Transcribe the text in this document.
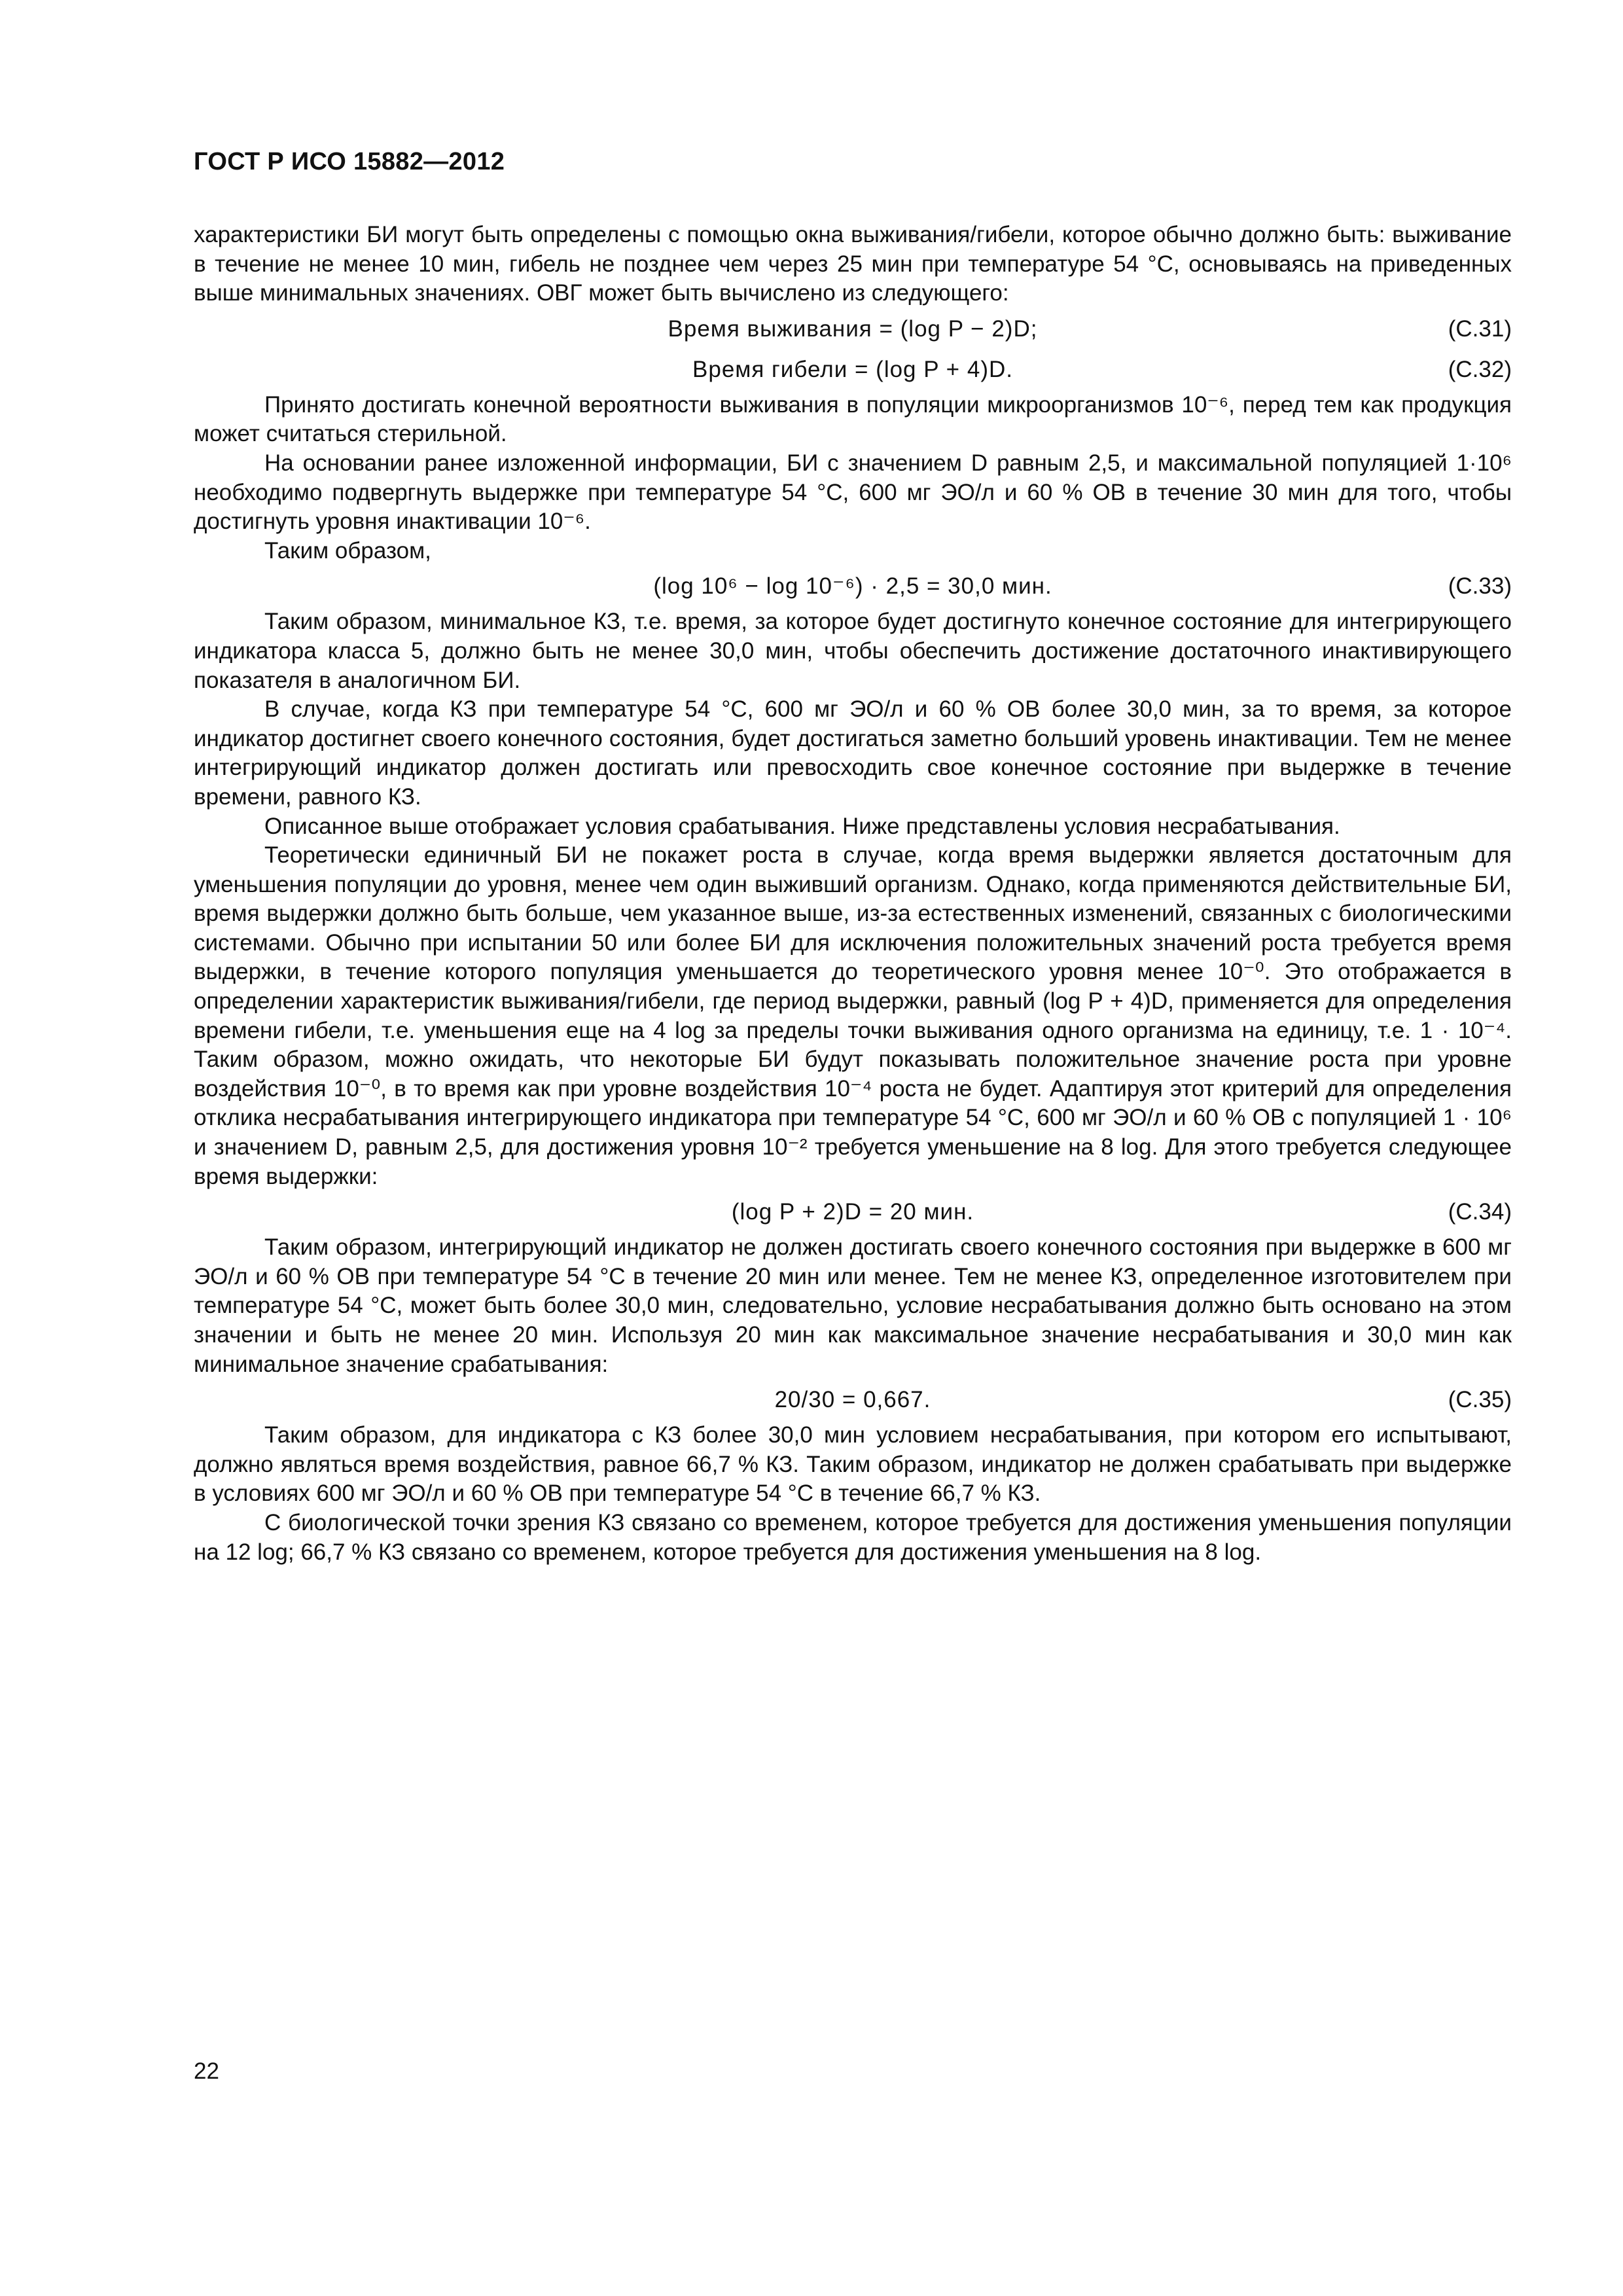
ГОСТ Р ИСО 15882—2012

характеристики БИ могут быть определены с помощью окна выживания/гибели, которое обычно должно быть: выживание в течение не менее 10 мин, гибель не позднее чем через 25 мин при температуре 54 °С, основываясь на приведенных выше минимальных значениях. ОВГ может быть вычислено из следующего:

Время выживания = (log P − 2)D;	(С.31)
Время гибели = (log P + 4)D.	(С.32)

Принято достигать конечной вероятности выживания в популяции микроорганизмов 10⁻⁶, перед тем как продукция может считаться стерильной.

На основании ранее изложенной информации, БИ с значением D равным 2,5, и максимальной популяцией 1·10⁶ необходимо подвергнуть выдержке при температуре 54 °С, 600 мг ЭО/л и 60 % ОВ в течение 30 мин для того, чтобы достигнуть уровня инактивации 10⁻⁶.

Таким образом,

(log 10⁶ − log 10⁻⁶) · 2,5 = 30,0 мин.	(С.33)

Таким образом, минимальное КЗ, т.е. время, за которое будет достигнуто конечное состояние для интегрирующего индикатора класса 5, должно быть не менее 30,0 мин, чтобы обеспечить достижение достаточного инактивирующего показателя в аналогичном БИ.

В случае, когда КЗ при температуре 54 °С, 600 мг ЭО/л и 60 % ОВ более 30,0 мин, за то время, за которое индикатор достигнет своего конечного состояния, будет достигаться заметно больший уровень инактивации. Тем не менее интегрирующий индикатор должен достигать или превосходить свое конечное состояние при выдержке в течение времени, равного КЗ.

Описанное выше отображает условия срабатывания. Ниже представлены условия несрабатывания.

Теоретически единичный БИ не покажет роста в случае, когда время выдержки является достаточным для уменьшения популяции до уровня, менее чем один выживший организм. Однако, когда применяются действительные БИ, время выдержки должно быть больше, чем указанное выше, из-за естественных изменений, связанных с биологическими системами. Обычно при испытании 50 или более БИ для исключения положительных значений роста требуется время выдержки, в течение которого популяция уменьшается до теоретического уровня менее 10⁻⁰. Это отображается в определении характеристик выживания/гибели, где период выдержки, равный (log P + 4)D, применяется для определения времени гибели, т.е. уменьшения еще на 4 log за пределы точки выживания одного организма на единицу, т.е. 1 · 10⁻⁴. Таким образом, можно ожидать, что некоторые БИ будут показывать положительное значение роста при уровне воздействия 10⁻⁰, в то время как при уровне воздействия 10⁻⁴ роста не будет. Адаптируя этот критерий для определения отклика несрабатывания интегрирующего индикатора при температуре 54 °С, 600 мг ЭО/л и 60 % ОВ с популяцией 1 · 10⁶ и значением D, равным 2,5, для достижения уровня 10⁻² требуется уменьшение на 8 log. Для этого требуется следующее время выдержки:

(log P + 2)D = 20 мин.	(С.34)

Таким образом, интегрирующий индикатор не должен достигать своего конечного состояния при выдержке в 600 мг ЭО/л и 60 % ОВ при температуре 54 °С в течение 20 мин или менее. Тем не менее КЗ, определенное изготовителем при температуре 54 °С, может быть более 30,0 мин, следовательно, условие несрабатывания должно быть основано на этом значении и быть не менее 20 мин. Используя 20 мин как максимальное значение несрабатывания и 30,0 мин как минимальное значение срабатывания:

20/30 = 0,667.	(С.35)

Таким образом, для индикатора с КЗ более 30,0 мин условием несрабатывания, при котором его испытывают, должно являться время воздействия, равное 66,7 % КЗ. Таким образом, индикатор не должен срабатывать при выдержке в условиях 600 мг ЭО/л и 60 % ОВ при температуре 54 °С в течение 66,7 % КЗ.

С биологической точки зрения КЗ связано со временем, которое требуется для достижения уменьшения популяции на 12 log; 66,7 % КЗ связано со временем, которое требуется для достижения уменьшения на 8 log.

22
